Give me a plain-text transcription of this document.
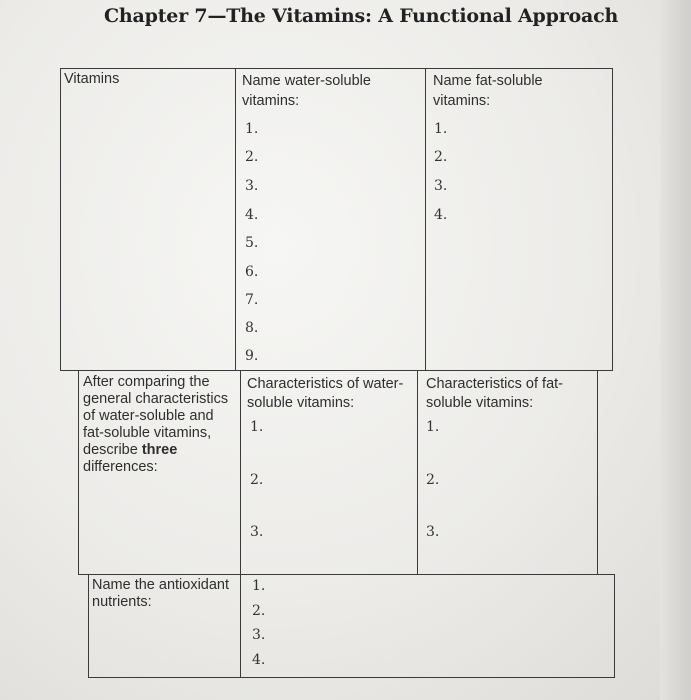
Chapter 7—The Vitamins: A Functional Approach
Vitamins	Name water-soluble vitamins:
Name fat-soluble vitamins:
1.
2.
3.
4.
5.
6.
7.
8.
9.
1.
2.
3.
4.
After comparing the general characteristics of water-soluble and fat-soluble vitamins, describe three differences:
Characteristics of water-soluble vitamins:
Characteristics of fat-soluble vitamins:
1.
2.
3.
1.
2.
3.
Name the antioxidant nutrients:
1.
2.
3.
4.
